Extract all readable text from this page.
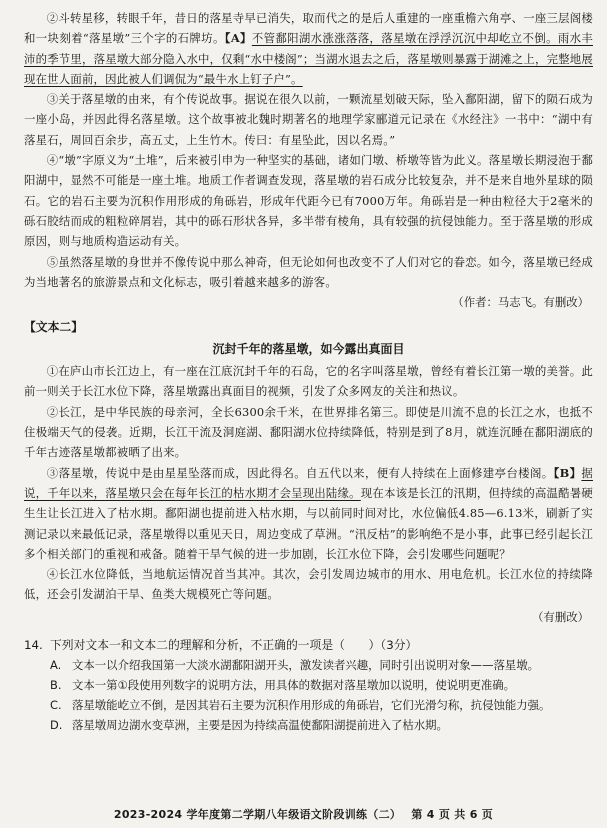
②斗转星移，转眼千年，昔日的落星寺早已消失，取而代之的是后人重建的一座重檐六角亭、一座三层阁楼和一块刻着“落星墩”三个字的石牌坊。【A】不管鄱阳湖水涨涨落落，落星墩在浮浮沉沉中却屹立不倒。雨水丰沛的季节里，落星墩大部分隐入水中，仅剩“水中楼阁”；当湖水退去之后，落星墩则暴露于湖滩之上，完整地展现在世人面前，因此被人们调侃为“最牛水上钉子户”。

③关于落星墩的由来，有个传说故事。据说在很久以前，一颗流星划破天际，坠入鄱阳湖，留下的陨石成为一座小岛，并因此得名落星墩。这个故事被北魏时期著名的地理学家郦道元记录在《水经注》一书中：“湖中有落星石，周回百余步，高五丈，上生竹木。传曰：有星坠此，因以名焉。”

④“墩”字原义为“土堆”，后来被引申为一种坚实的基础，诸如门墩、桥墩等皆为此义。落星墩长期浸泡于鄱阳湖中，显然不可能是一座土堆。地质工作者调查发现，落星墩的岩石成分比较复杂，并不是来自地外星球的陨石。它的岩石主要为沉积作用形成的角砾岩，形成年代距今已有7000万年。角砾岩是一种由粒径大于2毫米的砾石胶结而成的粗粒碎屑岩，其中的砾石形状各异，多半带有棱角，具有较强的抗侵蚀能力。至于落星墩的形成原因，则与地质构造运动有关。

⑤虽然落星墩的身世并不像传说中那么神奇，但无论如何也改变不了人们对它的眷恋。如今，落星墩已经成为当地著名的旅游景点和文化标志，吸引着越来越多的游客。

（作者：马志飞。有删改）

【文本二】

沉封千年的落星墩，如今露出真面目

①在庐山市长江边上，有一座在江底沉封千年的石岛，它的名字叫落星墩，曾经有着长江第一墩的美誉。此前一则关于长江水位下降，落星墩露出真面目的视频，引发了众多网友的关注和热议。

②长江，是中华民族的母亲河，全长6300余千米，在世界排名第三。即使是川流不息的长江之水，也抵不住极端天气的侵袭。近期，长江干流及洞庭湖、鄱阳湖水位持续降低，特别是到了8月，就连沉睡在鄱阳湖底的千年古迹落星墩都被晒了出来。

③落星墩，传说中是由星星坠落而成，因此得名。自五代以来，便有人持续在上面修建亭台楼阁。【B】据说，千年以来，落星墩只会在每年长江的枯水期才会呈现出陆缘。现在本该是长江的汛期，但持续的高温酷暑硬生生让长江进入了枯水期。鄱阳湖也提前进入枯水期，与以前同时间对比，水位偏低4.85—6.13米，刷新了实测记录以来最低记录，落星墩得以重见天日，周边变成了草洲。“汛反枯”的影响绝不是小事，此事已经引起长江多个相关部门的重视和戒备。随着干旱气候的进一步加剧，长江水位下降，会引发哪些问题呢？

④长江水位降低，当地航运情况首当其冲。其次，会引发周边城市的用水、用电危机。长江水位的持续降低，还会引发湖泊干旱、鱼类大规模死亡等问题。

（有删改）

14. 下列对文本一和文本二的理解和分析，不正确的一项是（　　）（3分）
A. 文本一以介绍我国第一大淡水湖鄱阳湖开头，激发读者兴趣，同时引出说明对象——落星墩。
B. 文本一第①段使用列数字的说明方法，用具体的数据对落星墩加以说明，使说明更准确。
C. 落星墩能屹立不倒，是因其岩石主要为沉积作用形成的角砾岩，它们光滑匀称，抗侵蚀能力强。
D. 落星墩周边湖水变草洲，主要是因为持续高温使鄱阳湖提前进入了枯水期。
2023-2024 学年度第二学期八年级语文阶段训练（二） 第 4 页 共 6 页
